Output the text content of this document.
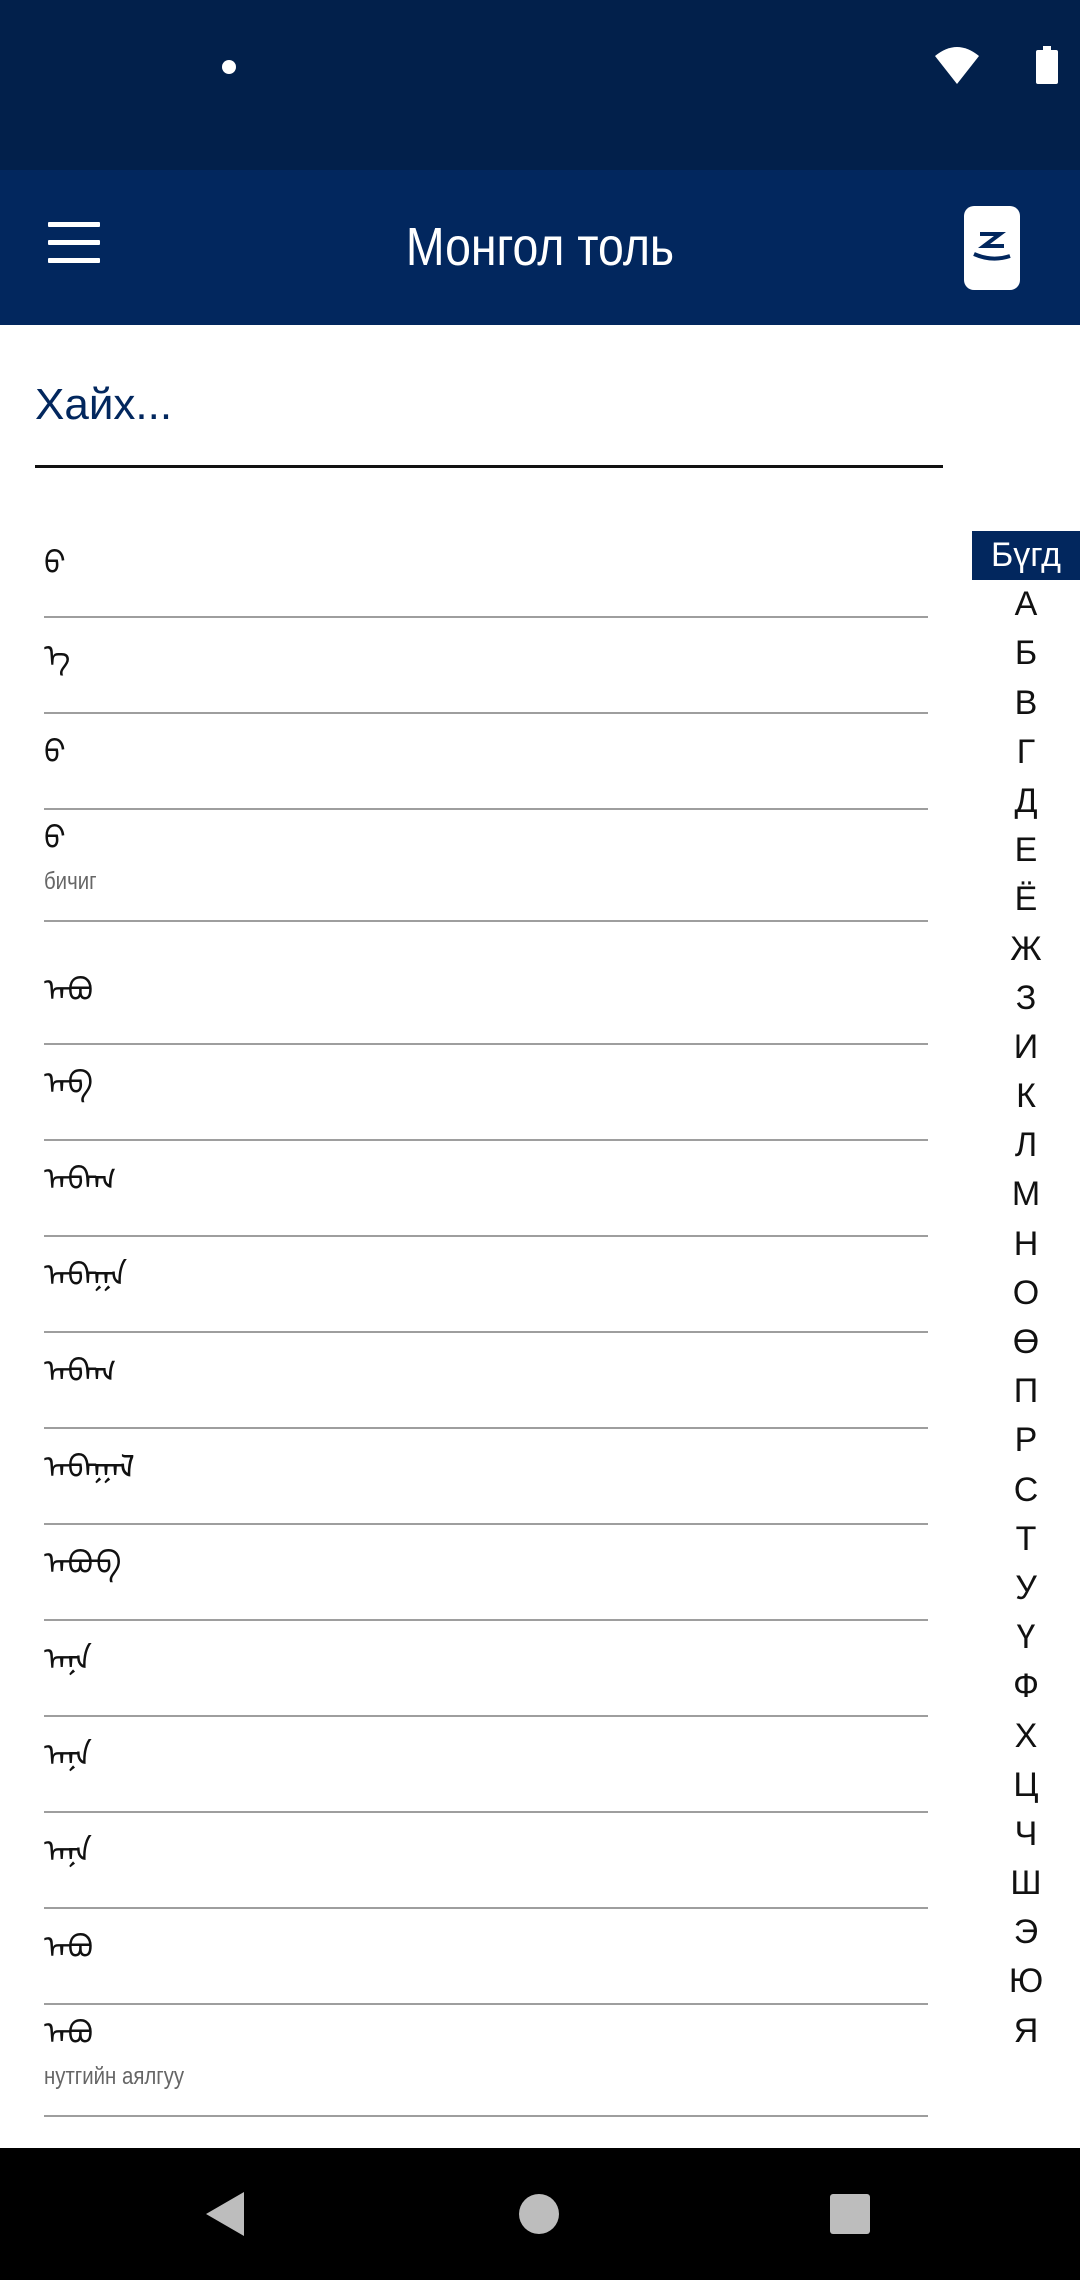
Монгол толь
Хайх...
ᠪ
ᠡ
ᠪ
ᠪ
бичиг
ᠠᠪᠤ
ᠠᠪ
ᠠᠪᠠᠭ
ᠠᠪᠠᠭᠠ
ᠠᠪᠠᠭ
ᠠᠪᠠᠭᠠᠯ
ᠠᠪᠤᠪ
ᠠᠨᠠ
ᠠᠨᠠ
ᠠᠨᠠ
ᠠᠪᠤ
ᠠᠪᠤ
нутгийн аялгуу
Бүгд
А
Б
В
Г
Д
Е
Ё
Ж
З
И
К
Л
М
Н
О
Ө
П
Р
С
Т
У
Ү
Ф
Х
Ц
Ч
Ш
Э
Ю
Я
